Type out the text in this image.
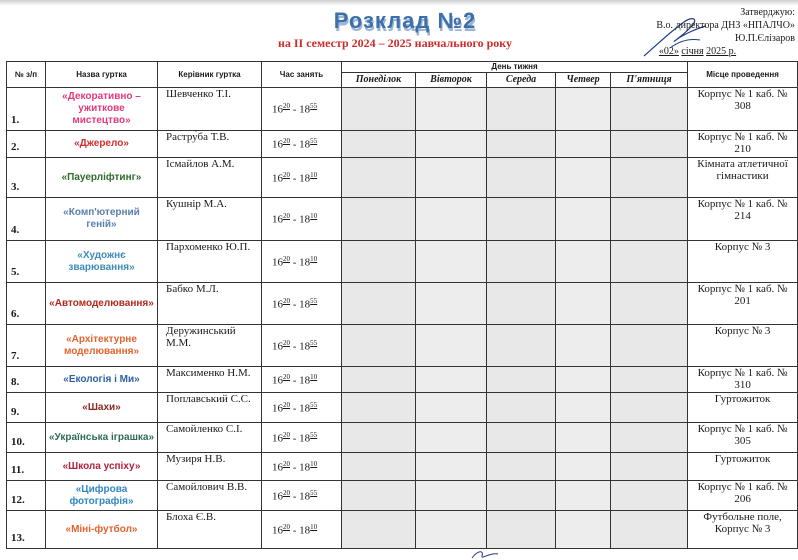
Розклад №2
на II семестр 2024 – 2025 навчального року
Затверджую:
В.о. директора ДНЗ «НПАЛЧО»
Ю.П.Єлізаров
«02» січня 2025 р.
№ з/п	Назва гуртка	Керівник гуртка	Час занять	День тижня					Місце проведення
				Понеділок	Вівторок	Середа	Четвер	П'ятниця	
1.	«Декоративно – ужиткове мистецтво»	Шевченко Т.І.	$16^{20} - 18^{55}$						Корпус № 1 каб. № 308
2.	«Джерело»	Растру́ба Т.В.	$16^{20} - 18^{55}$						Корпус № 1 каб. № 210
3.	«Пауерліфтинг»	Ісмайлов А.М.	$16^{20} - 18^{10}$						Кімната атлетичної гімнастики
4.	«Комп'ютерний геній»	Кушнір М.А.	$16^{20} - 18^{10}$						Корпус № 1 каб. № 214
5.	«Художнє зварювання»	Пархоменко Ю.П.	$16^{20} - 18^{10}$						Корпус № 3
6.	«Автомоделювання»	Бабко М.Л.	$16^{20} - 18^{55}$						Корпус № 1 каб. № 201
7.	«Архітектурне моделювання»	Деружинський М.М.	$16^{20} - 18^{55}$						Корпус № 3
8.	«Екологія і Ми»	Максименко Н.М.	$16^{20} - 18^{10}$						Корпус № 1 каб. № 310
9.	«Шахи»	Поплавський С.С.	$16^{20} - 18^{55}$						Гуртожиток
10.	«Українська іграшка»	Самойленко С.І.	$16^{20} - 18^{55}$						Корпус № 1 каб. № 305
11.	«Школа успіху»	Музиря Н.В.	$16^{20} - 18^{10}$						Гуртожиток
12.	«Цифрова фотографія»	Самойлович В.В.	$16^{20} - 18^{55}$						Корпус № 1 каб. № 206
13.	«Міні-футбол»	Блоха Є.В.	$16^{20} - 18^{10}$						Футбольне поле, Корпус № 3
